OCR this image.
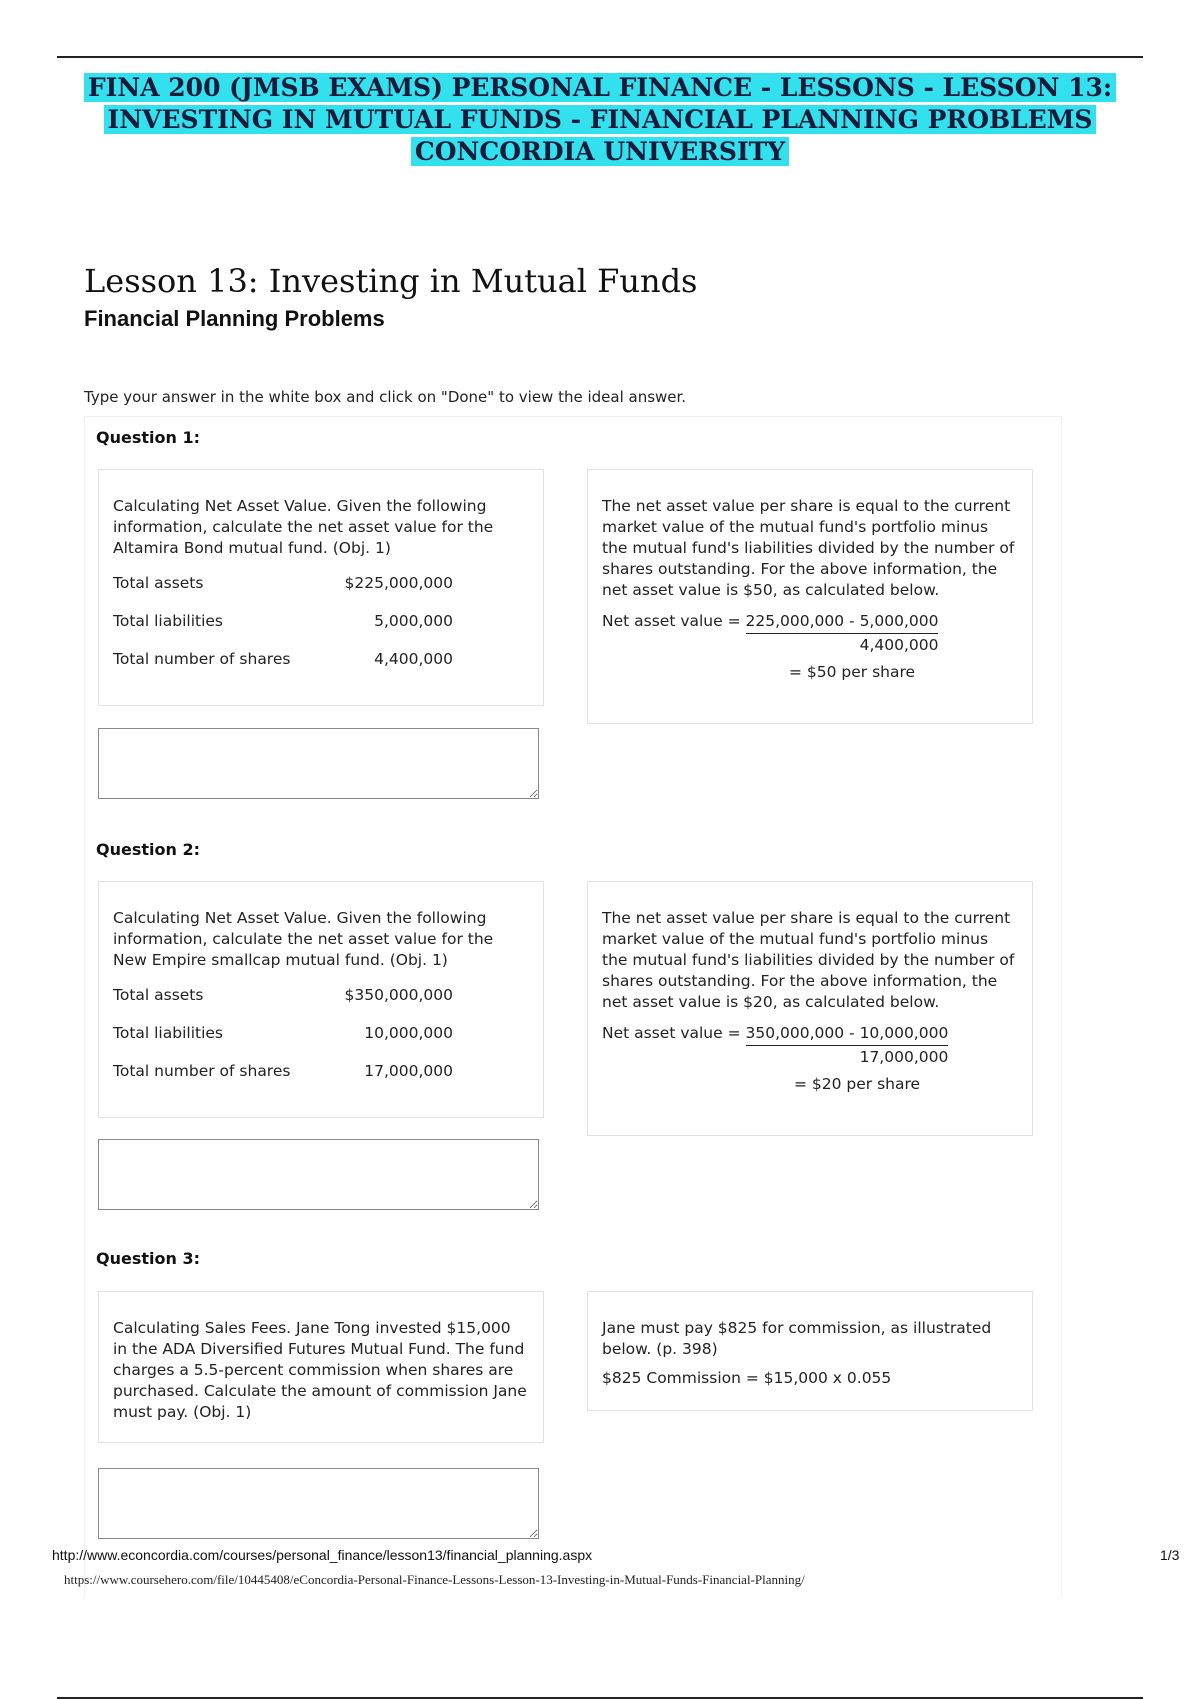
FINA 200 (JMSB EXAMS) PERSONAL FINANCE - LESSONS - LESSON 13: INVESTING IN MUTUAL FUNDS - FINANCIAL PLANNING PROBLEMS CONCORDIA UNIVERSITY
Lesson 13: Investing in Mutual Funds
Financial Planning Problems
Type your answer in the white box and click on "Done" to view the ideal answer.
Question 1:

Calculating Net Asset Value. Given the following information, calculate the net asset value for the Altamira Bond mutual fund. (Obj. 1)

Total assets	$225,000,000
Total liabilities	5,000,000
Total number of shares	4,400,000

The net asset value per share is equal to the current market value of the mutual fund's portfolio minus the mutual fund's liabilities divided by the number of shares outstanding. For the above information, the net asset value is $50, as calculated below.

Net asset value = $\frac{225,000,000 - 5,000,000}{4,400,000}$
= $50 per share
Question 2:

Calculating Net Asset Value. Given the following information, calculate the net asset value for the New Empire smallcap mutual fund. (Obj. 1)

Total assets	$350,000,000
Total liabilities	10,000,000
Total number of shares	17,000,000

The net asset value per share is equal to the current market value of the mutual fund's portfolio minus the mutual fund's liabilities divided by the number of shares outstanding. For the above information, the net asset value is $20, as calculated below.

Net asset value = $\frac{350,000,000 - 10,000,000}{17,000,000}$
= $20 per share
Question 3:

Calculating Sales Fees. Jane Tong invested $15,000 in the ADA Diversified Futures Mutual Fund. The fund charges a 5.5-percent commission when shares are purchased. Calculate the amount of commission Jane must pay. (Obj. 1)

Jane must pay $825 for commission, as illustrated below. (p. 398)

$825 Commission = $15,000 x 0.055

http://www.econcordia.com/courses/personal_finance/lesson13/financial_planning.aspx	1/3
https://www.coursehero.com/file/10445408/eConcordia-Personal-Finance-Lessons-Lesson-13-Investing-in-Mutual-Funds-Financial-Planning/
